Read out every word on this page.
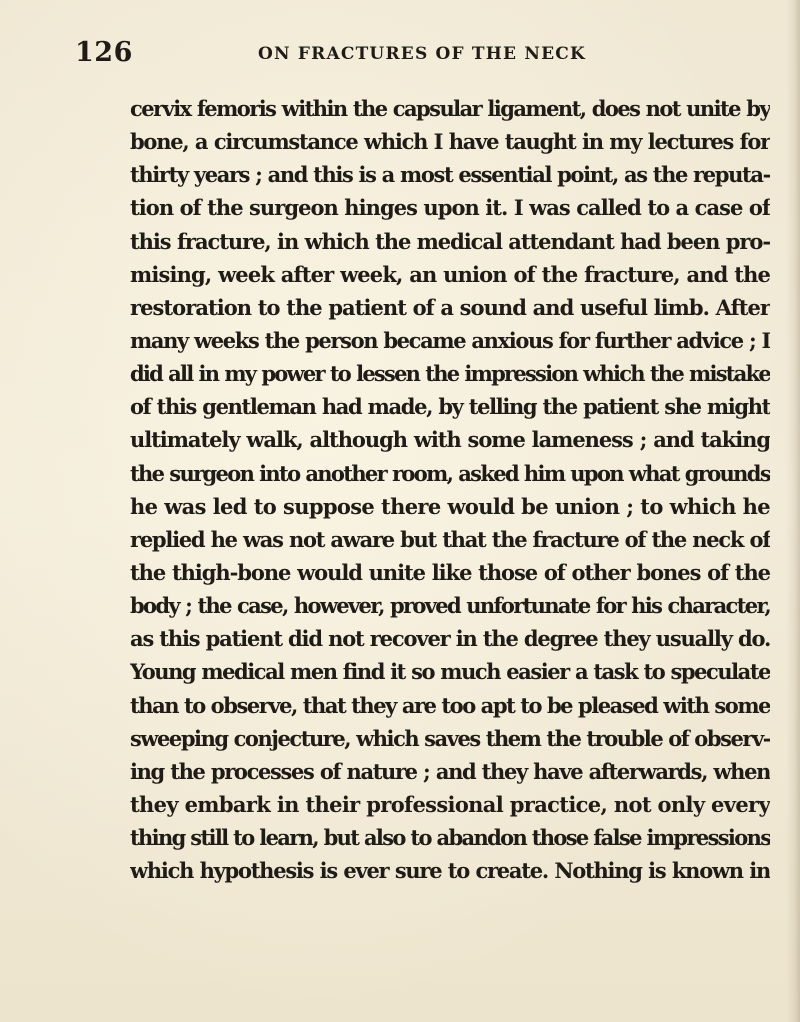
126	ON FRACTURES OF THE NECK
cervix femoris within the capsular ligament, does not unite by
bone, a circumstance which I have taught in my lectures for
thirty years ; and this is a most essential point, as the reputa-
tion of the surgeon hinges upon it. I was called to a case of
this fracture, in which the medical attendant had been pro-
mising, week after week, an union of the fracture, and the
restoration to the patient of a sound and useful limb. After
many weeks the person became anxious for further advice ; I
did all in my power to lessen the impression which the mistake
of this gentleman had made, by telling the patient she might
ultimately walk, although with some lameness ; and taking
the surgeon into another room, asked him upon what grounds
he was led to suppose there would be union ; to which he
replied he was not aware but that the fracture of the neck of
the thigh-bone would unite like those of other bones of the
body ; the case, however, proved unfortunate for his character,
as this patient did not recover in the degree they usually do.
Young medical men find it so much easier a task to speculate
than to observe, that they are too apt to be pleased with some
sweeping conjecture, which saves them the trouble of observ-
ing the processes of nature ; and they have afterwards, when
they embark in their professional practice, not only every
thing still to learn, but also to abandon those false impressions
which hypothesis is ever sure to create. Nothing is known in
